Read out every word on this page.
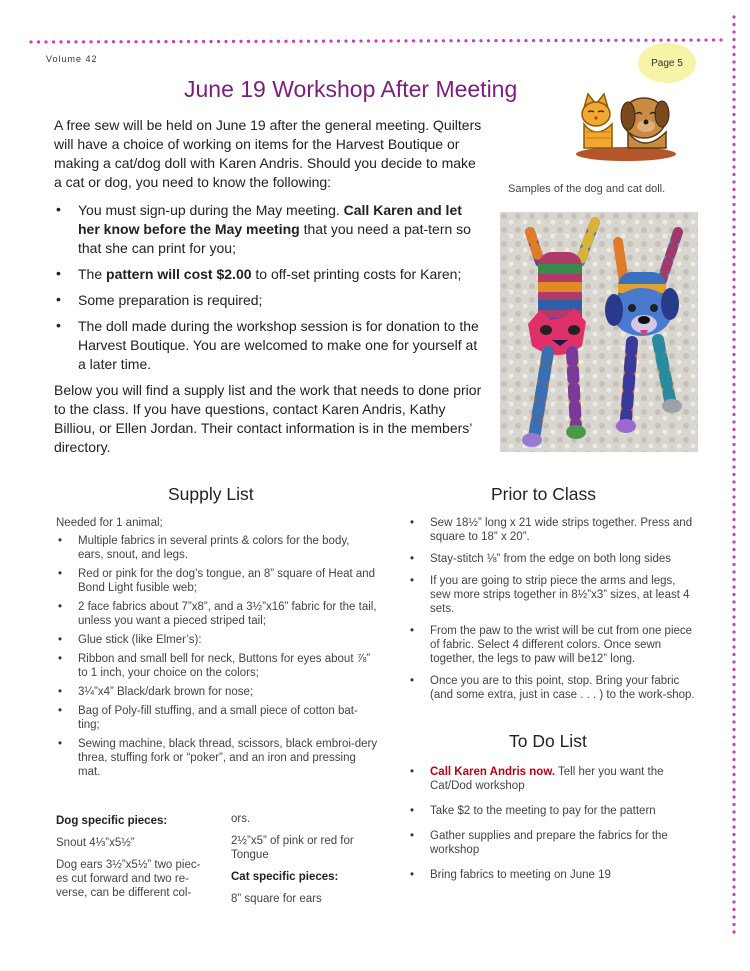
Volume 42	Page 5
June 19 Workshop After Meeting
Samples of the dog and cat doll.

A free sew will be held on June 19 after the general meeting. Quilters will have a choice of working on items for the Harvest Boutique or making a cat/dog doll with Karen Andris. Should you decide to make a cat or dog, you need to know the following:

• You must sign-up during the May meeting. Call Karen and let her know before the May meeting that you need a pat-tern so that she can print for you;
• The pattern will cost $2.00 to off-set printing costs for Karen;
• Some preparation is required;
• The doll made during the workshop session is for donation to the Harvest Boutique. You are welcomed to make one for yourself at a later time.

Below you will find a supply list and the work that needs to done prior to the class. If you have questions, contact Karen Andris, Kathy Billiou, or Ellen Jordan. Their contact information is in the members’ directory.

Supply List

Needed for 1 animal;

• Multiple fabrics in several prints & colors for the body, ears, snout, and legs.
• Red or pink for the dog’s tongue, an 8” square of Heat and Bond Light fusible web;
• 2 face fabrics about 7”x8”, and a 3½”x16” fabric for the tail, unless you want a pieced striped tail;
• Glue stick (like Elmer’s):
• Ribbon and small bell for neck, Buttons for eyes about ⅞” to 1 inch, your choice on the colors;
• 3¼”x4” Black/dark brown for nose;
• Bag of Poly-fill stuffing, and a small piece of cotton bat-ting;
• Sewing machine, black thread, scissors, black embroi-dery threa, stuffing fork or “poker”, and an iron and pressing mat.

Dog specific pieces:

Snout 4⅓”x5½”

Dog ears 3½”x5½” two piec-es cut forward and two re-verse, can be different col-

ors.

2½”x5” of pink or red for Tongue

Cat specific pieces:

8” square for ears

Prior to Class
• Sew 18½” long x 21 wide strips together. Press and square to 18” x 20”.
• Stay-stitch ⅛” from the edge on both long sides
• If you are going to strip piece the arms and legs, sew more strips together in 8½”x3” sizes, at least 4 sets.
• From the paw to the wrist will be cut from one piece of fabric. Select 4 different colors. Once sewn together, the legs to paw will be12” long.
• Once you are to this point, stop. Bring your fabric (and some extra, just in case . . . ) to the work-shop.
To Do List
• Call Karen Andris now. Tell her you want the Cat/Dod workshop
• Take $2 to the meeting to pay for the pattern
• Gather supplies and prepare the fabrics for the workshop
• Bring fabrics to meeting on June 19
